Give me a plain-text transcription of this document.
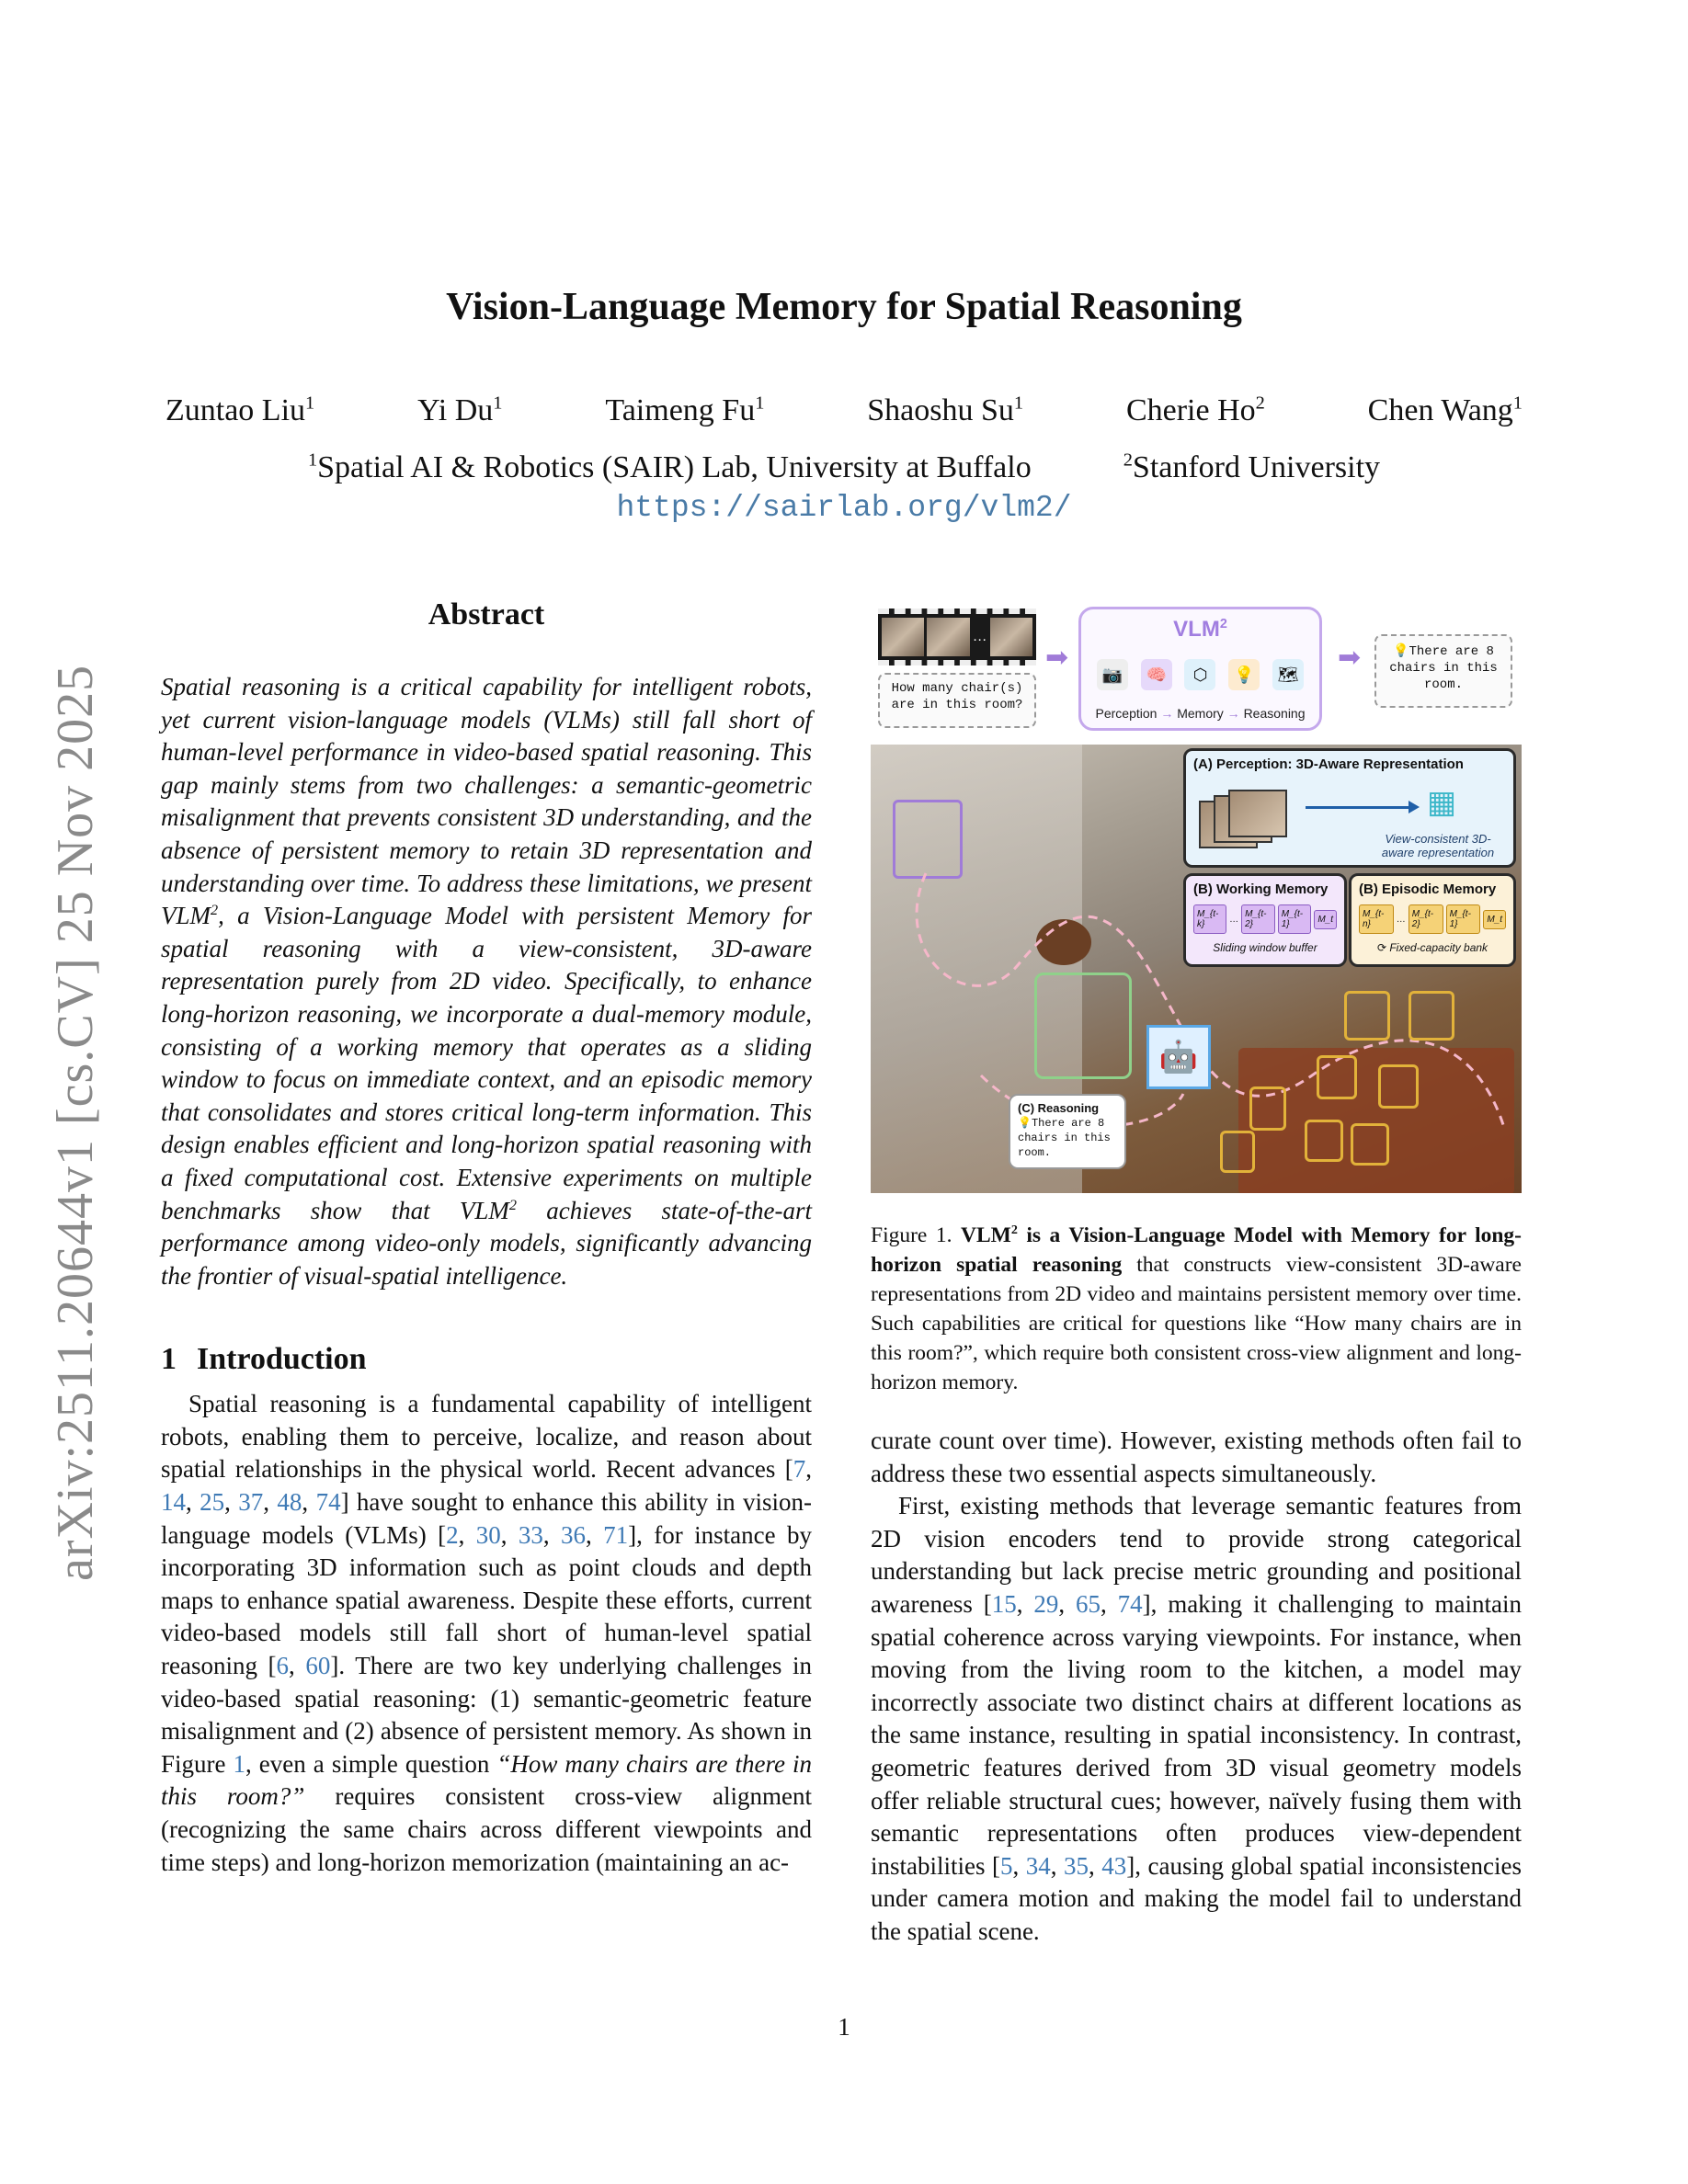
arXiv:2511.20644v1 [cs.CV] 25 Nov 2025
Vision-Language Memory for Spatial Reasoning
Zuntao Liu$^1$	Yi Du$^1$	Taimeng Fu$^1$	Shaoshu Su$^1$	Cherie Ho$^2$	Chen Wang$^1$
$^1$Spatial AI & Robotics (SAIR) Lab, University at Buffalo	$^2$Stanford University
https://sairlab.org/vlm2/
Abstract

Spatial reasoning is a critical capability for intelligent robots, yet current vision-language models (VLMs) still fall short of human-level performance in video-based spatial reasoning. This gap mainly stems from two challenges: a semantic-geometric misalignment that prevents consistent 3D understanding, and the absence of persistent memory to retain 3D representation and understanding over time. To address these limitations, we present VLM$^2$, a Vision-Language Model with persistent Memory for spatial reasoning with a view-consistent, 3D-aware representation purely from 2D video. Specifically, to enhance long-horizon reasoning, we incorporate a dual-memory module, consisting of a working memory that operates as a sliding window to focus on immediate context, and an episodic memory that consolidates and stores critical long-term information. This design enables efficient and long-horizon spatial reasoning with a fixed computational cost. Extensive experiments on multiple benchmarks show that VLM$^2$ achieves state-of-the-art performance among video-only models, significantly advancing the frontier of visual-spatial intelligence.

1 Introduction

Spatial reasoning is a fundamental capability of intelligent robots, enabling them to perceive, localize, and reason about spatial relationships in the physical world. Recent advances [7, 14, 25, 37, 48, 74] have sought to enhance this ability in vision-language models (VLMs) [2, 30, 33, 36, 71], for instance by incorporating 3D information such as point clouds and depth maps to enhance spatial awareness. Despite these efforts, current video-based models still fall short of human-level spatial reasoning [6, 60]. There are two key underlying challenges in video-based spatial reasoning: (1) semantic-geometric feature misalignment and (2) absence of persistent memory. As shown in Figure 1, even a simple question “How many chairs are there in this room?” requires consistent cross-view alignment (recognizing the same chairs across different viewpoints and time steps) and long-horizon memorization (maintaining an ac-

…
How many chair(s) are in this room?
➡
VLM$^2$
📷	🧠	⬡	💡	🗺
Perception → Memory → Reasoning
➡	💡There are 8 chairs in this room.
🤖
(A) Perception: 3D-Aware Representation
▦
View-consistent 3D-aware representation
(B) Working Memory
M_{t-k}	… M_{t-2}
M_{t-1}	M_t
Sliding window buffer
(B) Episodic Memory
M_{t-n}	… M_{t-2}
M_{t-1}	M_t
⟳ Fixed-capacity bank
(C) Reasoning
💡There are 8 chairs in this room.

Figure 1. VLM$^2$ is a Vision-Language Model with Memory for long-horizon spatial reasoning that constructs view-consistent 3D-aware representations from 2D video and maintains persistent memory over time. Such capabilities are critical for questions like “How many chairs are in this room?”, which require both consistent cross-view alignment and long-horizon memory.

curate count over time). However, existing methods often fail to address these two essential aspects simultaneously.

First, existing methods that leverage semantic features from 2D vision encoders tend to provide strong categorical understanding but lack precise metric grounding and positional awareness [15, 29, 65, 74], making it challenging to maintain spatial coherence across varying viewpoints. For instance, when moving from the living room to the kitchen, a model may incorrectly associate two distinct chairs at different locations as the same instance, resulting in spatial inconsistency. In contrast, geometric features derived from 3D visual geometry models offer reliable structural cues; however, naïvely fusing them with semantic representations often produces view-dependent instabilities [5, 34, 35, 43], causing global spatial inconsistencies under camera motion and making the model fail to understand the spatial scene.

1
